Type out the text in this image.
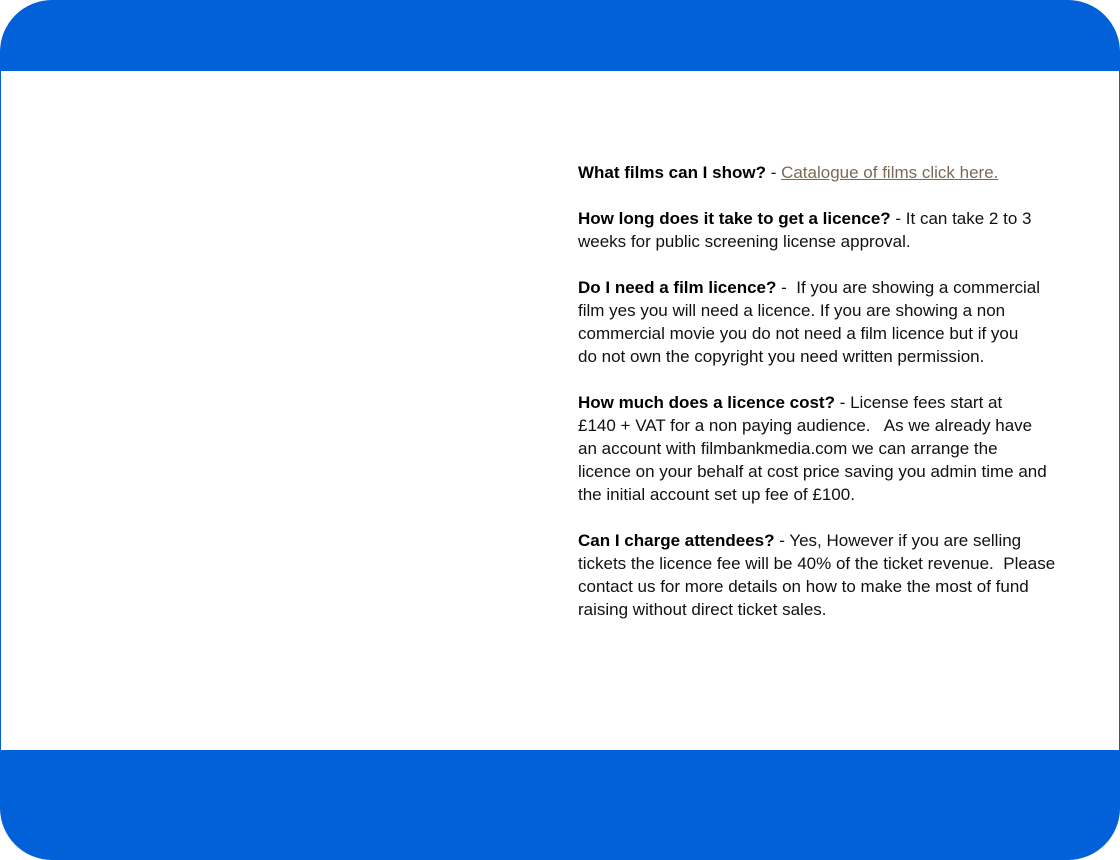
What films can I show? - Catalogue of films click here.
How long does it take to get a licence? - It can take 2 to 3
weeks for public screening license approval.
Do I need a film licence? -  If you are showing a commercial
film yes you will need a licence. If you are showing a non
commercial movie you do not need a film licence but if you
do not own the copyright you need written permission.
How much does a licence cost? - License fees start at
£140 + VAT for a non paying audience.   As we already have
an account with filmbankmedia.com we can arrange the
licence on your behalf at cost price saving you admin time and
the initial account set up fee of £100.
Can I charge attendees? - Yes, However if you are selling
tickets the licence fee will be 40% of the ticket revenue.  Please
contact us for more details on how to make the most of fund
raising without direct ticket sales.
